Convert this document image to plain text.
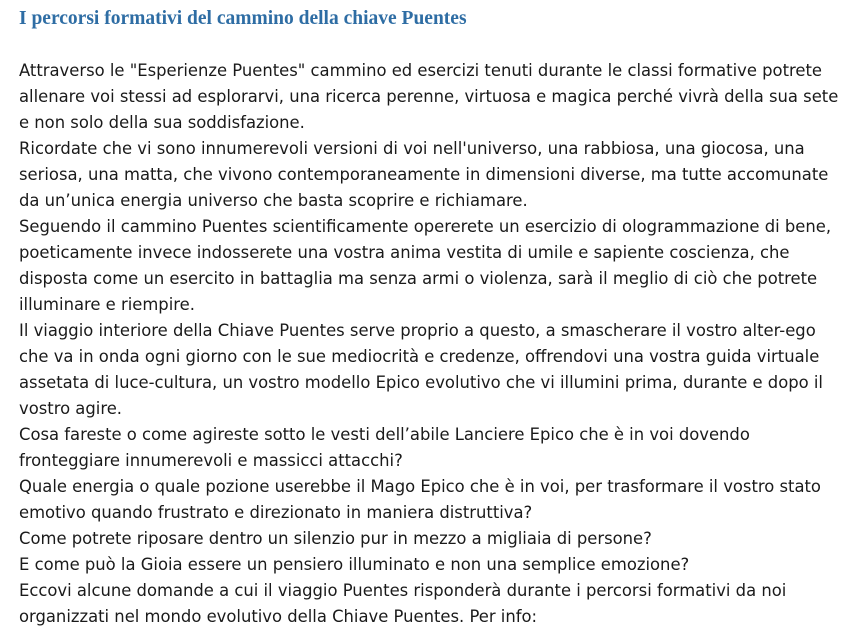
I percorsi formativi del cammino della chiave Puentes

Attraverso le "Esperienze Puentes" cammino ed esercizi tenuti durante le classi formative potrete
allenare voi stessi ad esplorarvi, una ricerca perenne, virtuosa e magica perché vivrà della sua sete
e non solo della sua soddisfazione.

Ricordate che vi sono innumerevoli versioni di voi nell'universo, una rabbiosa, una giocosa, una
seriosa, una matta, che vivono contemporaneamente in dimensioni diverse, ma tutte accomunate
da un’unica energia universo che basta scoprire e richiamare.

Seguendo il cammino Puentes scientificamente opererete un esercizio di ologrammazione di bene,
poeticamente invece indosserete una vostra anima vestita di umile e sapiente coscienza, che
disposta come un esercito in battaglia ma senza armi o violenza, sarà il meglio di ciò che potrete
illuminare e riempire.

Il viaggio interiore della Chiave Puentes serve proprio a questo, a smascherare il vostro alter-ego
che va in onda ogni giorno con le sue mediocrità e credenze, offrendovi una vostra guida virtuale
assetata di luce-cultura, un vostro modello Epico evolutivo che vi illumini prima, durante e dopo il
vostro agire.

Cosa fareste o come agireste sotto le vesti dell’abile Lanciere Epico che è in voi dovendo
fronteggiare innumerevoli e massicci attacchi?

Quale energia o quale pozione userebbe il Mago Epico che è in voi, per trasformare il vostro stato
emotivo quando frustrato e direzionato in maniera distruttiva?

Come potrete riposare dentro un silenzio pur in mezzo a migliaia di persone?

E come può la Gioia essere un pensiero illuminato e non una semplice emozione?

Eccovi alcune domande a cui il viaggio Puentes risponderà durante i percorsi formativi da noi
organizzati nel mondo evolutivo della Chiave Puentes. Per info:
